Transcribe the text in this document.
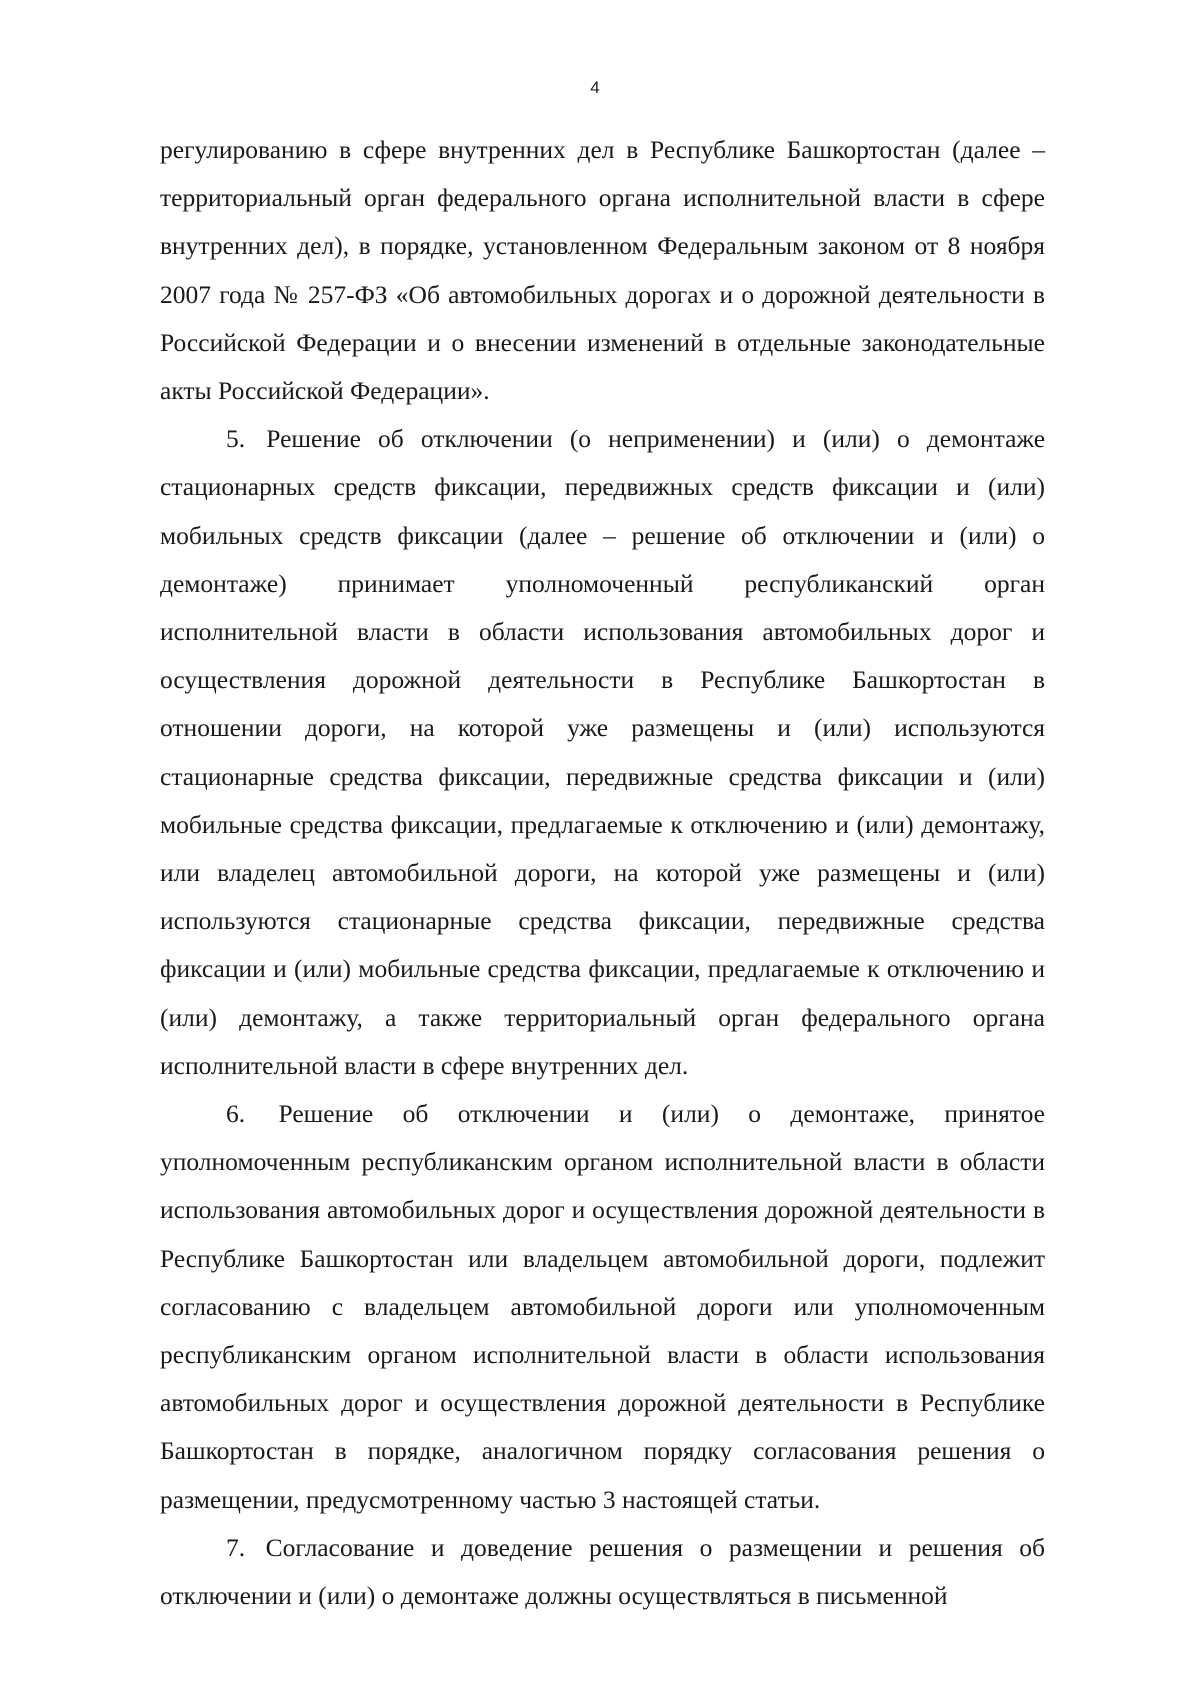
4

регулированию в сфере внутренних дел в Республике Башкортостан (далее – территориальный орган федерального органа исполнительной власти в сфере внутренних дел), в порядке, установленном Федеральным законом от 8 ноября 2007 года № 257-ФЗ «Об автомобильных дорогах и о дорожной деятельности в Российской Федерации и о внесении изменений в отдельные законодательные акты Российской Федерации».

5. Решение об отключении (о неприменении) и (или) о демонтаже стационарных средств фиксации, передвижных средств фиксации и (или) мобильных средств фиксации (далее – решение об отключении и (или) о демонтаже) принимает уполномоченный республиканский орган исполнительной власти в области использования автомобильных дорог и осуществления дорожной деятельности в Республике Башкортостан в отношении дороги, на которой уже размещены и (или) используются стационарные средства фиксации, передвижные средства фиксации и (или) мобильные средства фиксации, предлагаемые к отключению и (или) демонтажу, или владелец автомобильной дороги, на которой уже размещены и (или) используются стационарные средства фиксации, передвижные средства фиксации и (или) мобильные средства фиксации, предлагаемые к отключению и (или) демонтажу, а также территориальный орган федерального органа исполнительной власти в сфере внутренних дел.

6. Решение об отключении и (или) о демонтаже, принятое уполномоченным республиканским органом исполнительной власти в области использования автомобильных дорог и осуществления дорожной деятельности в Республике Башкортостан или владельцем автомобильной дороги, подлежит согласованию с владельцем автомобильной дороги или уполномоченным республиканским органом исполнительной власти в области использования автомобильных дорог и осуществления дорожной деятельности в Республике Башкортостан в порядке, аналогичном порядку согласования решения о размещении, предусмотренному частью 3 настоящей статьи.

7. Согласование и доведение решения о размещении и решения об отключении и (или) о демонтаже должны осуществляться в письменной
